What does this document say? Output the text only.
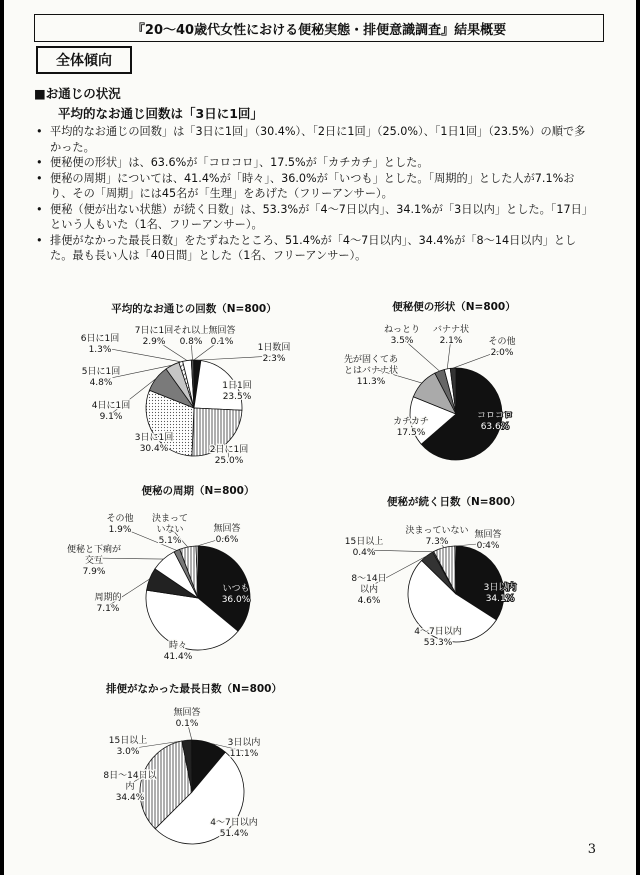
『20〜40歳代女性における便秘実態・排便意識調査』結果概要
全体傾向
■お通じの状況
平均的なお通じ回数は「3日に1回」
• 平均的なお通じの回数」は「3日に1回」（30.4%）、「2日に1回」（25.0%）、「1日1回」（23.5%）の順で多かった。
• 便秘便の形状」は、63.6%が「コロコロ」、17.5%が「カチカチ」とした。
• 便秘の周期」については、41.4%が「時々」、36.0%が「いつも」とした。「周期的」とした人が7.1%おり、その「周期」には45名が「生理」をあげた（フリーアンサー）。
• 便秘（便が出ない状態）が続く日数」は、53.3%が「4〜7日以内」、34.1%が「3日以内」とした。「17日」という人もいた（1名、フリーアンサー）。
• 排便がなかった最長日数」をたずねたところ、51.4%が「4〜7日以内」、34.4%が「8〜14日以内」とした。最も長い人は「40日間」とした（1名、フリーアンサー）。
平均的なお通じの回数（N=800）
1日数回 2.3%
1日1回 23.5%
2日に1回 25.0%
3日に1回 30.4%
4日に1回 9.1%
5日に1回 4.8%
6日に1回 1.3%
7日に1回 2.9%
それ以上 0.8%
無回答 0.1%
便秘便の形状（N=800）
コロコロ 63.6%
カチカチ 17.5%
先が固くてあとはバナナ状 11.3%
ねっとり 3.5%
バナナ状 2.1%	その他 2.0%
便秘の周期（N=800）
いつも 36.0%
時々 41.4%
周期的 7.1%
便秘と下痢が交互 7.9%
その他 1.9%
決まっていない 5.1%
無回答 0.6%
便秘が続く日数（N=800）
3日以内 34.1%
4〜7日以内 53.3%
8〜14日以内 4.6%
15日以上 0.4%
決まっていない 7.3%
無回答 0.4%
排便がなかった最長日数（N=800）
3日以内 11.1%
4〜7日以内 51.4%
8日〜14日以内 34.4%
15日以上 3.0%
無回答 0.1%
3
